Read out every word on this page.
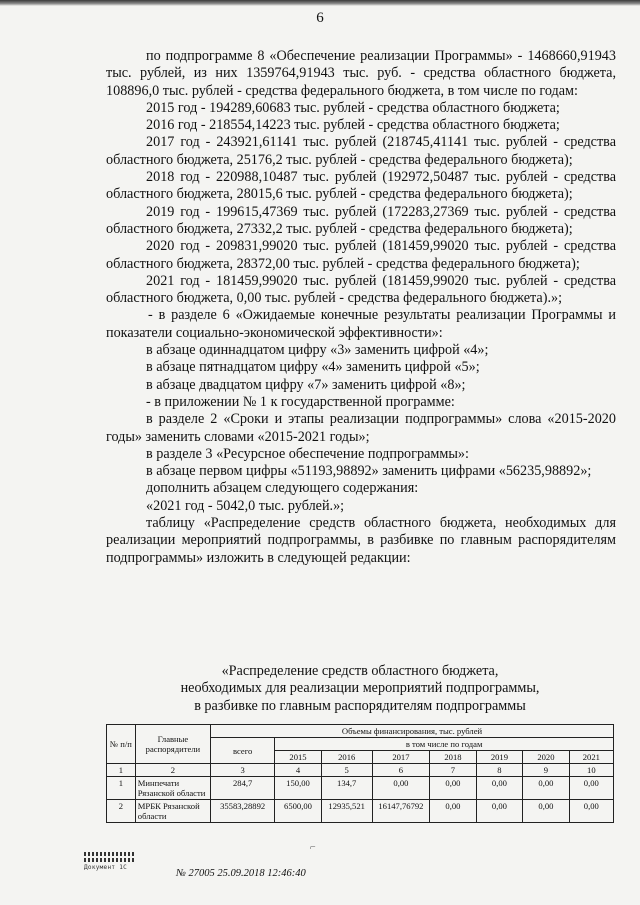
6

по подпрограмме 8 «Обеспечение реализации Программы» - 1468660,91943 тыс. рублей, из них 1359764,91943 тыс. руб. - средства областного бюджета, 108896,0 тыс. рублей - средства федерального бюджета, в том числе по годам:

2015 год - 194289,60683 тыс. рублей - средства областного бюджета;

2016 год - 218554,14223 тыс. рублей - средства областного бюджета;

2017 год - 243921,61141 тыс. рублей (218745,41141 тыс. рублей - средства областного бюджета, 25176,2 тыс. рублей - средства федерального бюджета);

2018 год - 220988,10487 тыс. рублей (192972,50487 тыс. рублей - средства областного бюджета, 28015,6 тыс. рублей - средства федерального бюджета);

2019 год - 199615,47369 тыс. рублей (172283,27369 тыс. рублей - средства областного бюджета, 27332,2 тыс. рублей - средства федерального бюджета);

2020 год - 209831,99020 тыс. рублей (181459,99020 тыс. рублей - средства областного бюджета, 28372,00 тыс. рублей - средства федерального бюджета);

2021 год - 181459,99020 тыс. рублей (181459,99020 тыс. рублей - средства областного бюджета, 0,00 тыс. рублей - средства федерального бюджета).»;

- в разделе 6 «Ожидаемые конечные результаты реализации Программы и показатели социально-экономической эффективности»:

в абзаце одиннадцатом цифру «3» заменить цифрой «4»;

в абзаце пятнадцатом цифру «4» заменить цифрой «5»;

в абзаце двадцатом цифру «7» заменить цифрой «8»;

- в приложении № 1 к государственной программе:

в разделе 2 «Сроки и этапы реализации подпрограммы» слова «2015-2020 годы» заменить словами «2015-2021 годы»;

в разделе 3 «Ресурсное обеспечение подпрограммы»:

в абзаце первом цифры «51193,98892» заменить цифрами «56235,98892»;

дополнить абзацем следующего содержания:

«2021 год - 5042,0 тыс. рублей.»;

таблицу «Распределение средств областного бюджета, необходимых для реализации мероприятий подпрограммы, в разбивке по главным распорядителям подпрограммы» изложить в следующей редакции:

«Распределение средств областного бюджета,
необходимых для реализации мероприятий подпрограммы,
в разбивке по главным распорядителям подпрограммы
№ п/п	Главные распорядители	Объемы финансирования, тыс. рублей							
		всего	в том числе по годам						
			2015	2016	2017	2018	2019	2020	2021
1	2	3	4	5	6	7	8	9	10
1	Минпечати Рязанской области	284,7	150,00	134,7	0,00	0,00	0,00	0,00	0,00
2	МРБК Рязанской области	35583,28892	6500,00	12935,521	16147,76792	0,00	0,00	0,00	0,00
⌐
Документ 1С
№ 27005 25.09.2018 12:46:40
